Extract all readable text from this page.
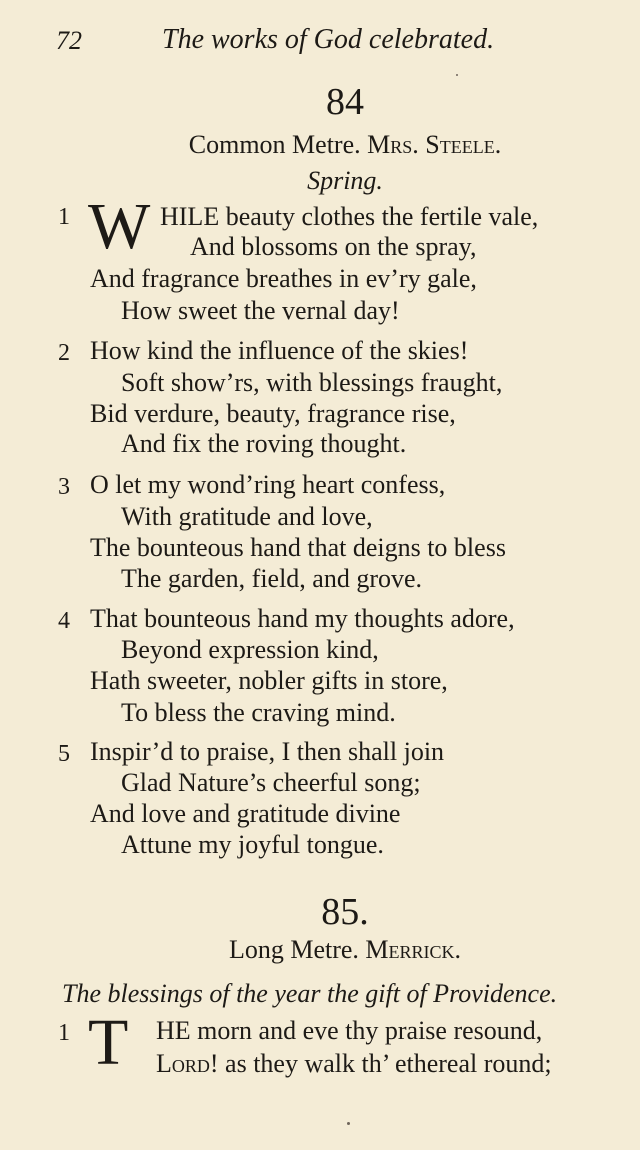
72	The works of God celebrated.
84
Common Metre. Mrs. Steele.
Spring.
1 W HILE beauty clothes the fertile vale,
And blossoms on the spray,
And fragrance breathes in ev’ry gale,
How sweet the vernal day!
2 How kind the influence of the skies!
Soft show’rs, with blessings fraught,
Bid verdure, beauty, fragrance rise,
And fix the roving thought.
3 O let my wond’ring heart confess,
With gratitude and love,
The bounteous hand that deigns to bless
The garden, field, and grove.
4 That bounteous hand my thoughts adore,
Beyond expression kind,
Hath sweeter, nobler gifts in store,
To bless the craving mind.
5 Inspir’d to praise, I then shall join
Glad Nature’s cheerful song;
And love and gratitude divine
Attune my joyful tongue.
85.
Long Metre. Merrick.
The blessings of the year the gift of Providence.
1 T HE morn and eve thy praise resound,
Lord! as they walk th’ ethereal round;
